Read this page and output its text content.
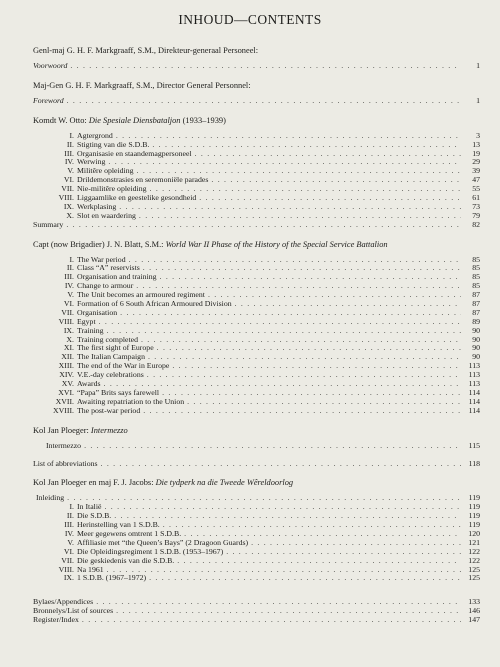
INHOUD—CONTENTS
Genl-maj G. H. F. Markgraaff, S.M., Direkteur-generaal Personeel:
Voorwoord . . .	1
Maj-Gen G. H. F. Markgraaff, S.M., Director General Personnel:
Foreword . . .	1
Komdt W. Otto: Die Spesiale Diensbataljon (1933–1939)
I. Agtergrond . . .	3
II. Stigting van die S.D.B. . . .	13
III. Organisasie en staandemagpersoneel . . .	19
IV. Werwing . . .	29
V. Militêre opleiding . . .	39
VI. Drildemonstrasies en seremoniële parades . . .	47
VII. Nie-militêre opleiding . . .	55
VIII. Liggaamlike en geestelike gesondheid . . .	61
IX. Werkplasing . . .	73
X. Slot en waardering . . .	79
Summary . . .	82
Capt (now Brigadier) J. N. Blatt, S.M.: World War II Phase of the History of the Special Service Battalion
I. The War period . . .	85
II. Class “A” reservists . . .	85
III. Organisation and training . . .	85
IV. Change to armour . . .	85
V. The Unit becomes an armoured regiment . . .	87
VI. Formation of 6 South African Armoured Division . . .	87
VII. Organisation . . .	87
VIII. Egypt . . .	89
IX. Training . . .	90
X. Training completed . . .	90
XI. The first sight of Europe . . .	90
XII. The Italian Campaign . . .	90
XIII. The end of the War in Europe . . .	113
XIV. V.E.-day celebrations . . .	113
XV. Awards . . .	113
XVI. “Papa” Brits says farewell . . .	114
XVII. Awaiting repatriation to the Union . . .	114
XVIII. The post-war period . . .	114
Kol Jan Ploeger: Intermezzo
Intermezzo . . .	115
List of abbreviations . . .	118
Kol Jan Ploeger en maj F. J. Jacobs: Die tydperk na die Tweede Wêreldoorlog
Inleiding . . .	119
I. In Italië . . .	119
II. Die S.D.B. . . .	119
III. Herinstelling van 1 S.D.B. . . .	119
IV. Meer gegewens omtrent 1 S.D.B. . . .	120
V. Affiliasie met “the Queen’s Bays” (2 Dragoon Guards) . . .	121
VI. Die Opleidingsregiment 1 S.D.B. (1953–1967) . . .	122
VII. Die geskiedenis van die S.D.B. . . .	122
VIII. Na 1961 . . .	125
IX. 1 S.D.B. (1967–1972) . . .	125
Bylaes/Appendices . . .	133
Bronnelys/List of sources . . .	146
Register/Index . . .	147
